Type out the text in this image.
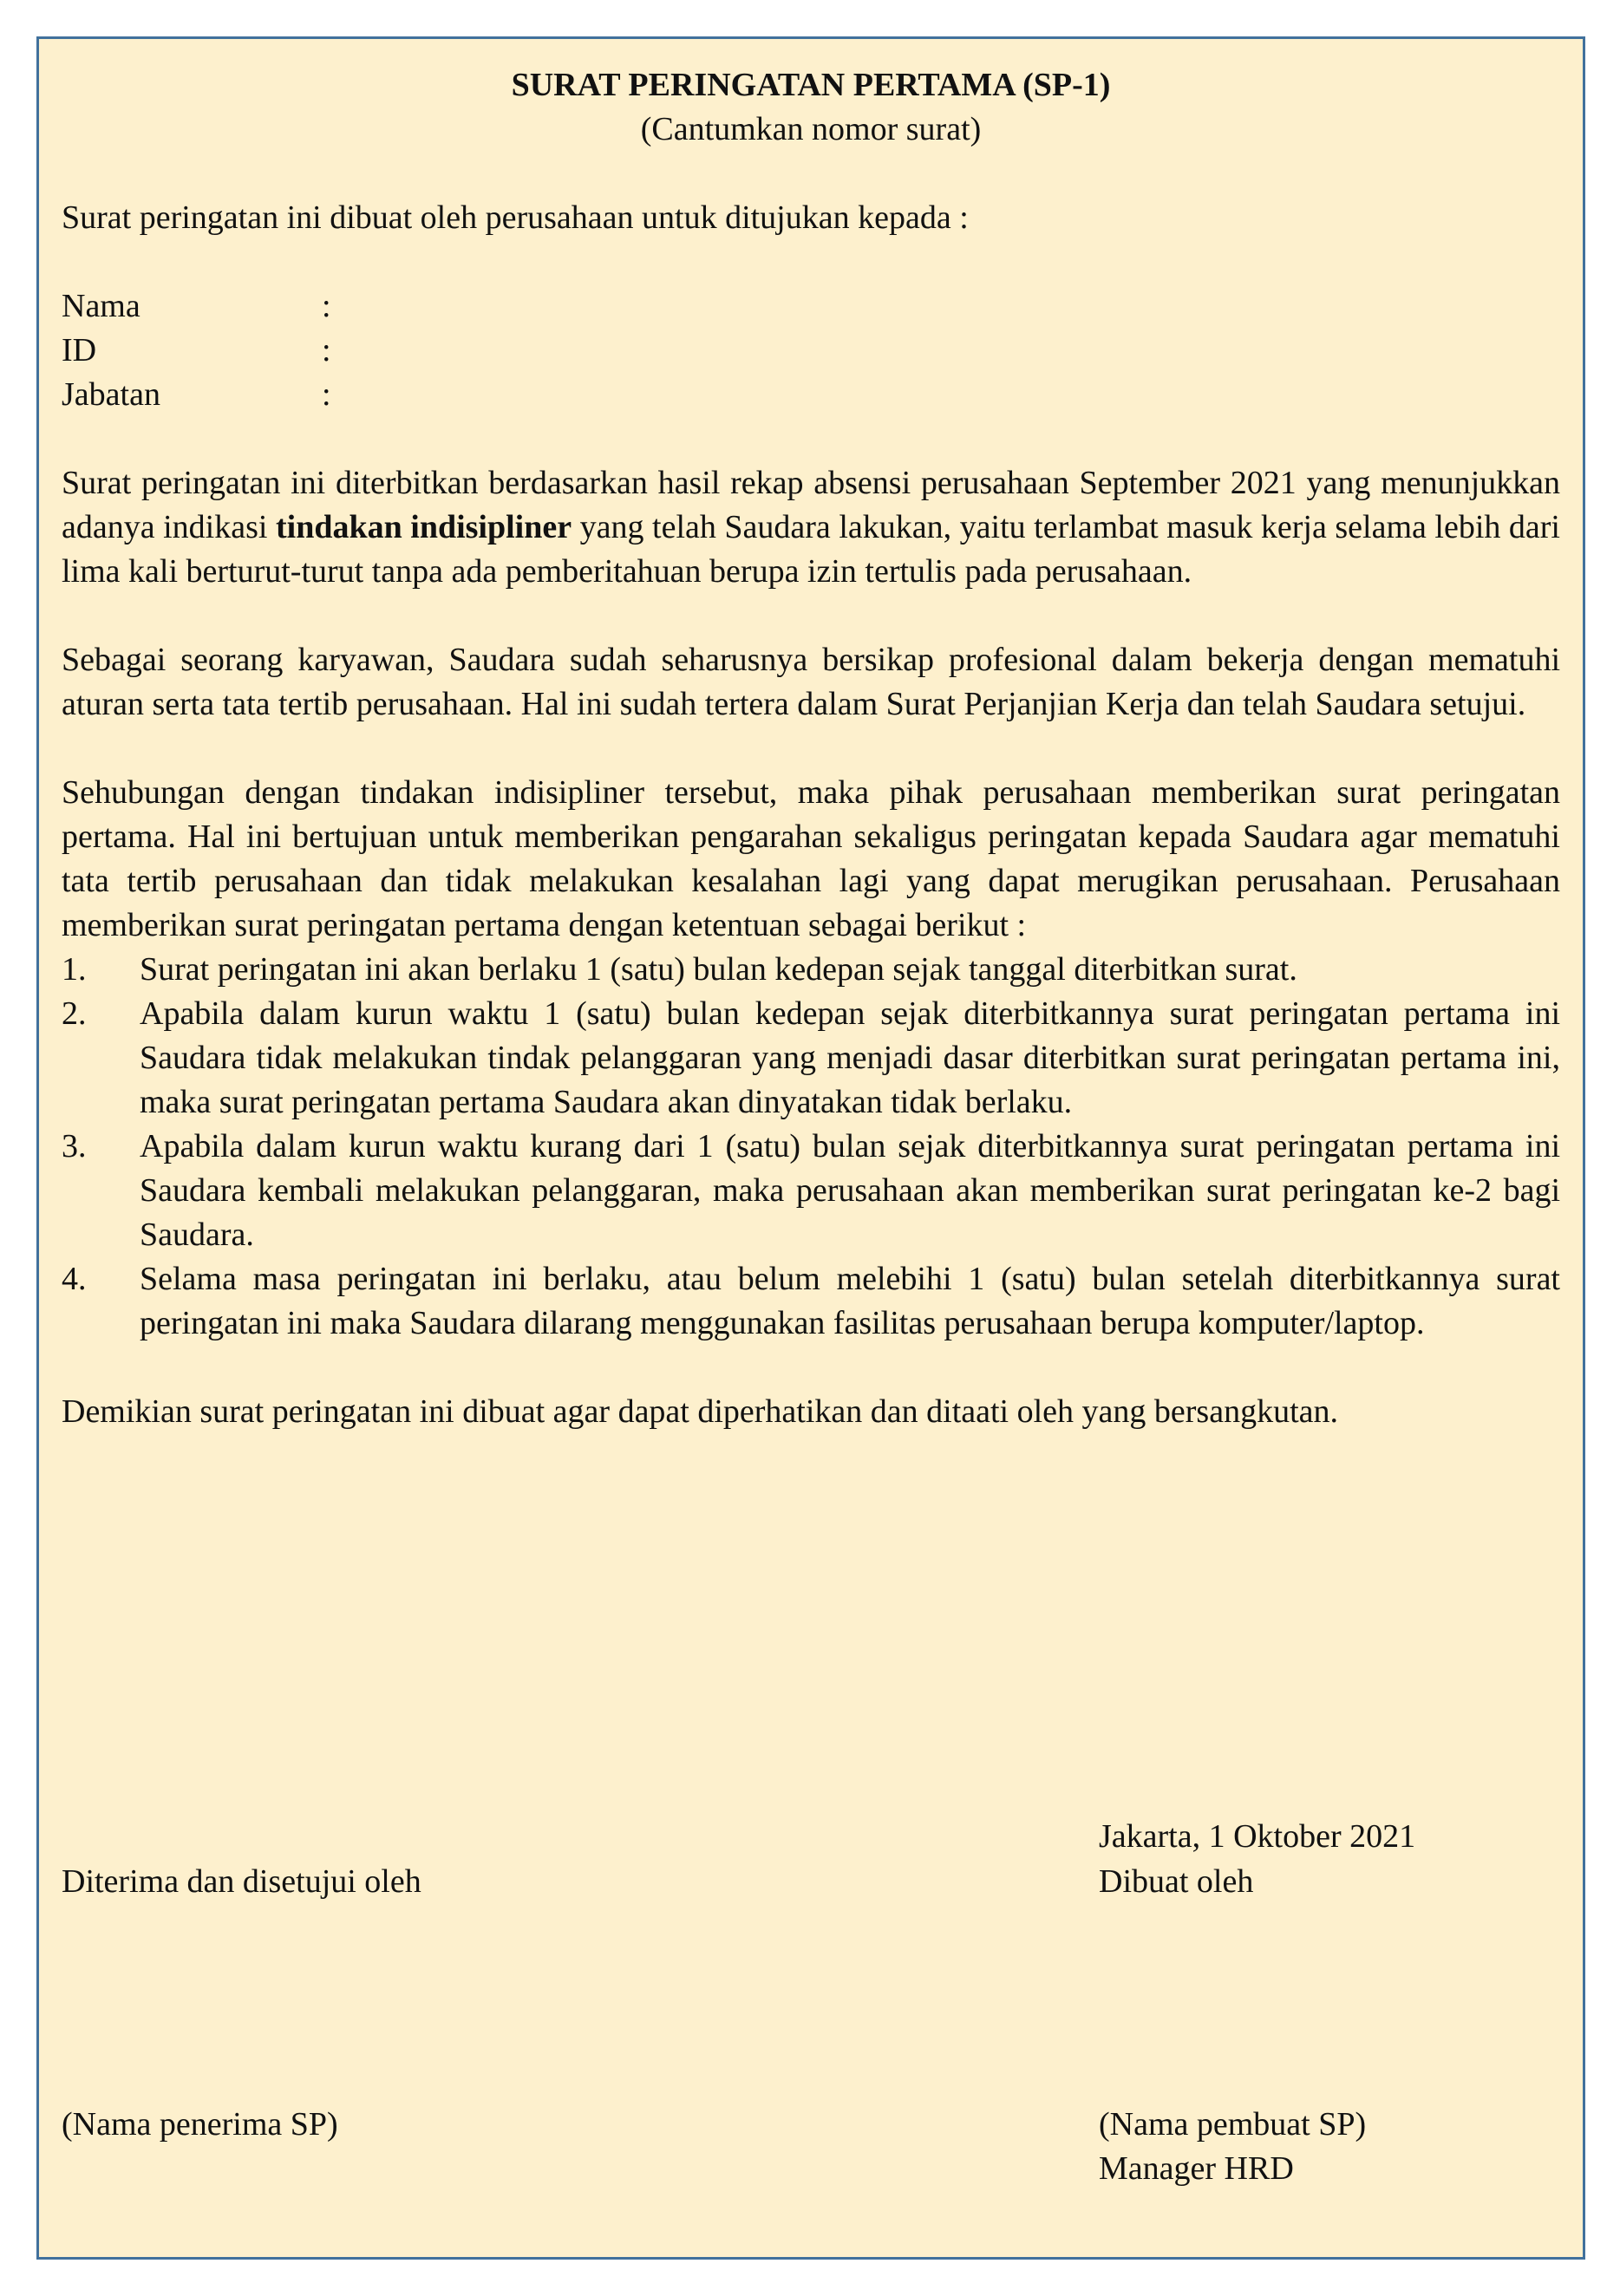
SURAT PERINGATAN PERTAMA (SP-1)

(Cantumkan nomor surat)

Surat peringatan ini dibuat oleh perusahaan untuk ditujukan kepada :

Nama	:
ID	:
Jabatan	:

Surat peringatan ini diterbitkan berdasarkan hasil rekap absensi perusahaan September 2021 yang menunjukkan adanya indikasi tindakan indisipliner yang telah Saudara lakukan, yaitu terlambat masuk kerja selama lebih dari lima kali berturut-turut tanpa ada pemberitahuan berupa izin tertulis pada perusahaan.

Sebagai seorang karyawan, Saudara sudah seharusnya bersikap profesional dalam bekerja dengan mematuhi aturan serta tata tertib perusahaan. Hal ini sudah tertera dalam Surat Perjanjian Kerja dan telah Saudara setujui.

Sehubungan dengan tindakan indisipliner tersebut, maka pihak perusahaan memberikan surat peringatan pertama. Hal ini bertujuan untuk memberikan pengarahan sekaligus peringatan kepada Saudara agar mematuhi tata tertib perusahaan dan tidak melakukan kesalahan lagi yang dapat merugikan perusahaan. Perusahaan memberikan surat peringatan pertama dengan ketentuan sebagai berikut :

1.	Surat peringatan ini akan berlaku 1 (satu) bulan kedepan sejak tanggal diterbitkan surat.
2.	Apabila dalam kurun waktu 1 (satu) bulan kedepan sejak diterbitkannya surat peringatan pertama ini Saudara tidak melakukan tindak pelanggaran yang menjadi dasar diterbitkan surat peringatan pertama ini, maka surat peringatan pertama Saudara akan dinyatakan tidak berlaku.
3.	Apabila dalam kurun waktu kurang dari 1 (satu) bulan sejak diterbitkannya surat peringatan pertama ini Saudara kembali melakukan pelanggaran, maka perusahaan akan memberikan surat peringatan ke-2 bagi Saudara.
4.	Selama masa peringatan ini berlaku, atau belum melebihi 1 (satu) bulan setelah diterbitkannya surat peringatan ini maka Saudara dilarang menggunakan fasilitas perusahaan berupa komputer/laptop.

Demikian surat peringatan ini dibuat agar dapat diperhatikan dan ditaati oleh yang bersangkutan.

Jakarta, 1 Oktober 2021
Diterima dan disetujui oleh	Dibuat oleh
(Nama penerima SP)	(Nama pembuat SP)
Manager HRD
